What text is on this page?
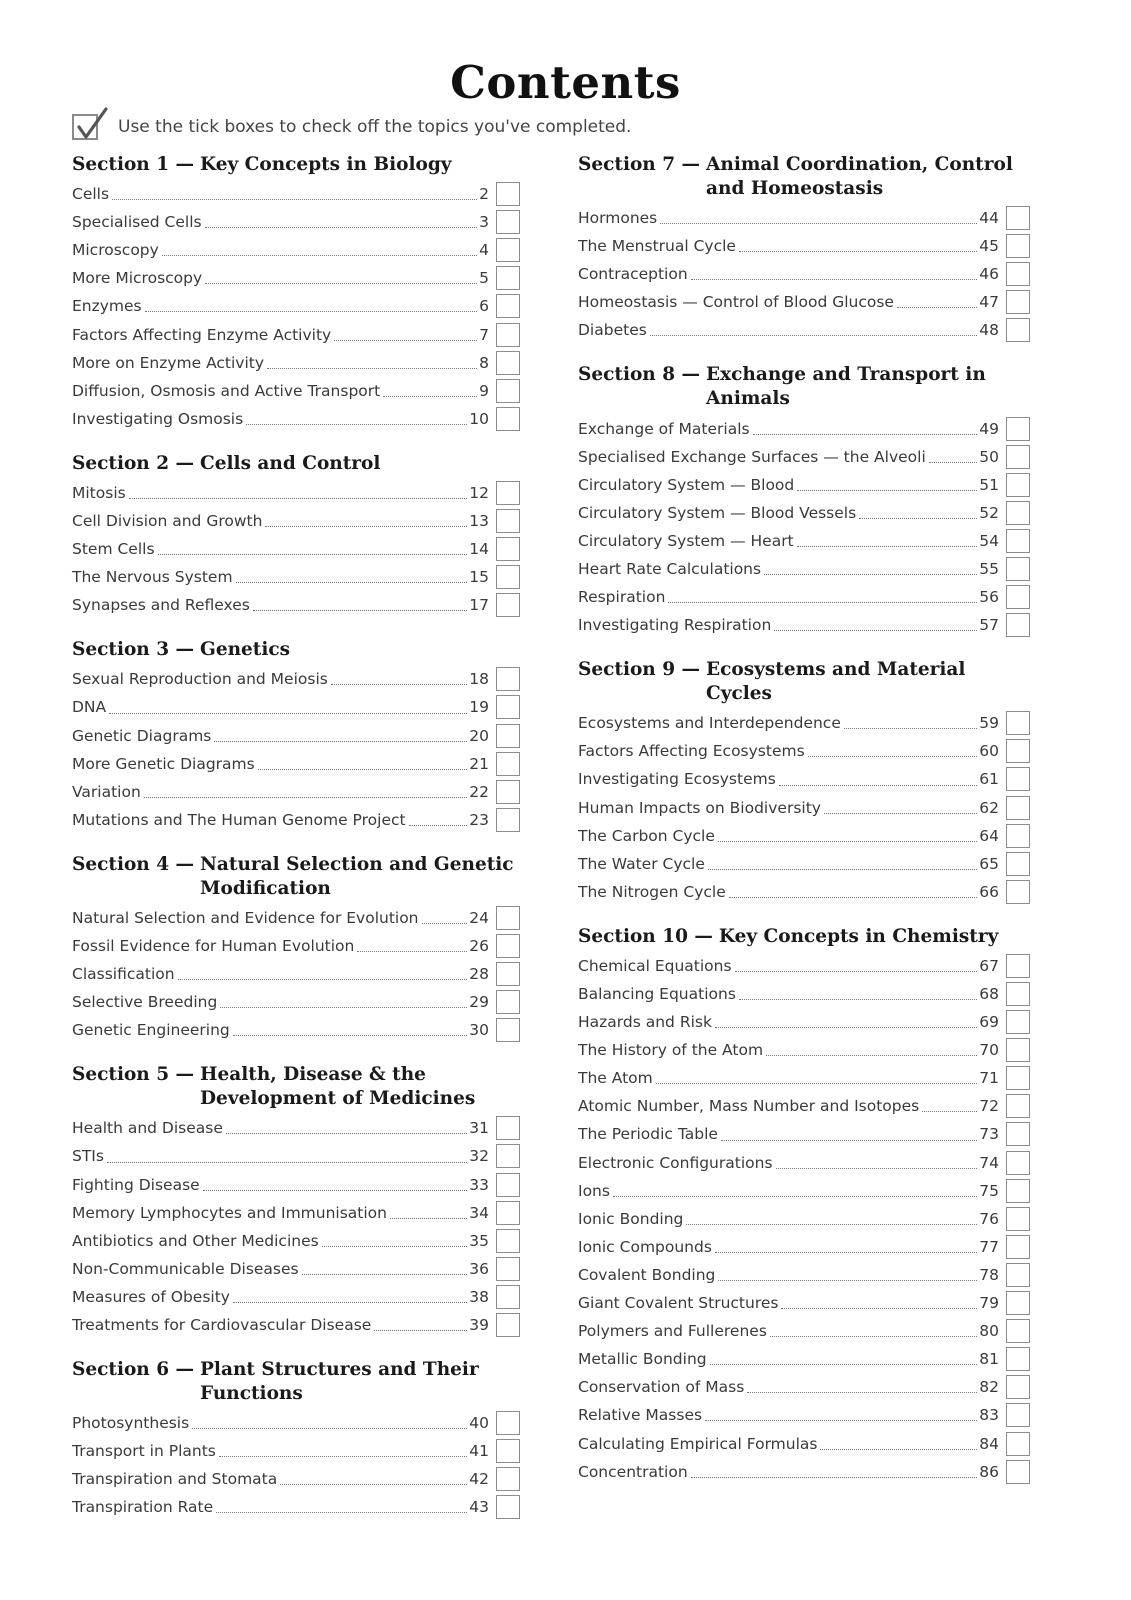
Contents
Use the tick boxes to check off the topics you've completed.
Section 1 — Key Concepts in Biology
Cells	2
Specialised Cells	3
Microscopy	4
More Microscopy	5
Enzymes	6
Factors Affecting Enzyme Activity	7
More on Enzyme Activity	8
Diffusion, Osmosis and Active Transport	9
Investigating Osmosis	10
Section 2 — Cells and Control
Mitosis	12
Cell Division and Growth	13
Stem Cells	14
The Nervous System	15
Synapses and Reflexes	17
Section 3 — Genetics
Sexual Reproduction and Meiosis	18
DNA	19
Genetic Diagrams	20
More Genetic Diagrams	21
Variation	22
Mutations and The Human Genome Project	23
Section 4 — Natural Selection and Genetic Modification
Natural Selection and Evidence for Evolution	24
Fossil Evidence for Human Evolution	26
Classification	28
Selective Breeding	29
Genetic Engineering	30
Section 5 — Health, Disease & the Development of Medicines
Health and Disease	31
STIs	32
Fighting Disease	33
Memory Lymphocytes and Immunisation	34
Antibiotics and Other Medicines	35
Non-Communicable Diseases	36
Measures of Obesity	38
Treatments for Cardiovascular Disease	39
Section 6 — Plant Structures and Their Functions
Photosynthesis	40
Transport in Plants	41
Transpiration and Stomata	42
Transpiration Rate	43
Section 7 — Animal Coordination, Control and Homeostasis
Hormones	44
The Menstrual Cycle	45
Contraception	46
Homeostasis — Control of Blood Glucose	47
Diabetes	48
Section 8 — Exchange and Transport in Animals
Exchange of Materials	49
Specialised Exchange Surfaces — the Alveoli	50
Circulatory System — Blood	51
Circulatory System — Blood Vessels	52
Circulatory System — Heart	54
Heart Rate Calculations	55
Respiration	56
Investigating Respiration	57
Section 9 — Ecosystems and Material Cycles
Ecosystems and Interdependence	59
Factors Affecting Ecosystems	60
Investigating Ecosystems	61
Human Impacts on Biodiversity	62
The Carbon Cycle	64
The Water Cycle	65
The Nitrogen Cycle	66
Section 10 — Key Concepts in Chemistry
Chemical Equations	67
Balancing Equations	68
Hazards and Risk	69
The History of the Atom	70
The Atom	71
Atomic Number, Mass Number and Isotopes	72
The Periodic Table	73
Electronic Configurations	74
Ions	75
Ionic Bonding	76
Ionic Compounds	77
Covalent Bonding	78
Giant Covalent Structures	79
Polymers and Fullerenes	80
Metallic Bonding	81
Conservation of Mass	82
Relative Masses	83
Calculating Empirical Formulas	84
Concentration	86
